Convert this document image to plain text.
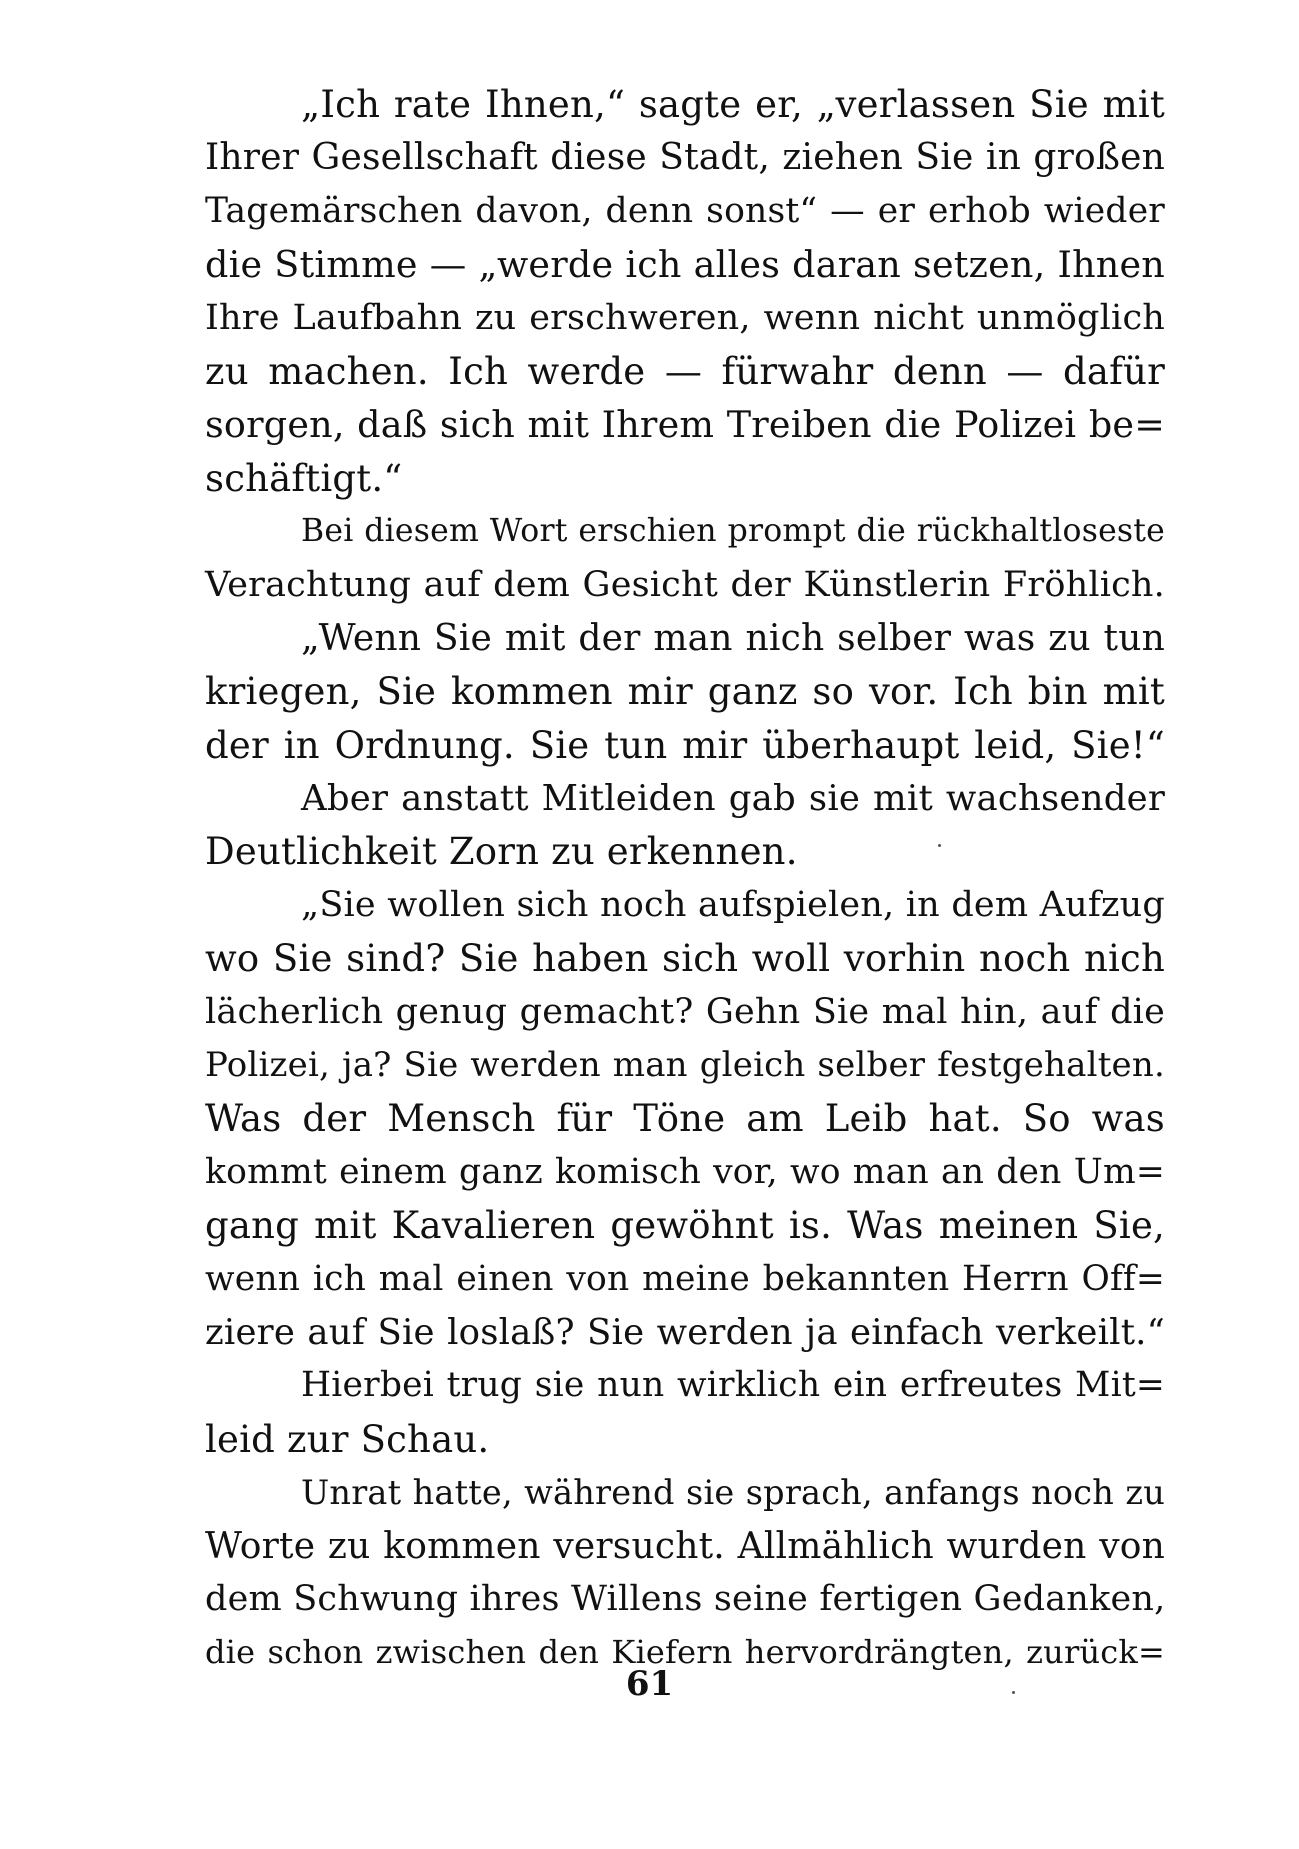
„Ich rate Ihnen,“ sagte er, „verlassen Sie mit
Ihrer Gesellschaft diese Stadt, ziehen Sie in großen
Tagemärschen davon, denn sonst“ — er erhob wieder
die Stimme — „werde ich alles daran setzen, Ihnen
Ihre Laufbahn zu erschweren, wenn nicht unmöglich
zu machen. Ich werde — fürwahr denn — dafür
sorgen, daß sich mit Ihrem Treiben die Polizei be=
schäftigt.“
Bei diesem Wort erschien prompt die rückhaltloseste
Verachtung auf dem Gesicht der Künstlerin Fröhlich.
„Wenn Sie mit der man nich selber was zu tun
kriegen, Sie kommen mir ganz so vor. Ich bin mit
der in Ordnung. Sie tun mir überhaupt leid, Sie!“
Aber anstatt Mitleiden gab sie mit wachsender
Deutlichkeit Zorn zu erkennen.
„Sie wollen sich noch aufspielen, in dem Aufzug
wo Sie sind? Sie haben sich woll vorhin noch nich
lächerlich genug gemacht? Gehn Sie mal hin, auf die
Polizei, ja? Sie werden man gleich selber festgehalten.
Was der Mensch für Töne am Leib hat. So was
kommt einem ganz komisch vor, wo man an den Um=
gang mit Kavalieren gewöhnt is. Was meinen Sie,
wenn ich mal einen von meine bekannten Herrn Off=
ziere auf Sie loslaß? Sie werden ja einfach verkeilt.“
Hierbei trug sie nun wirklich ein erfreutes Mit=
leid zur Schau.
Unrat hatte, während sie sprach, anfangs noch zu
Worte zu kommen versucht. Allmählich wurden von
dem Schwung ihres Willens seine fertigen Gedanken,
die schon zwischen den Kiefern hervordrängten, zurück=
61
